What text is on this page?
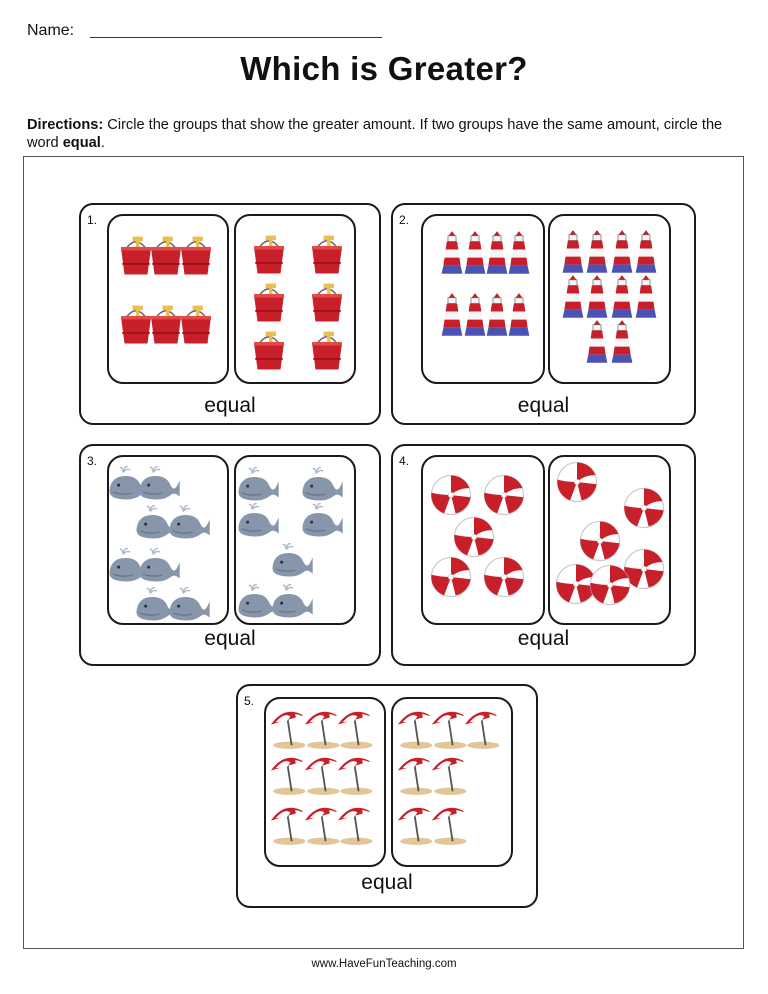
Name:
Which is Greater?
Directions: Circle the groups that show the greater amount. If two groups have the same amount, circle the word equal.
1.
equal
2.
equal
3.
equal
4.
equal
5.
equal
www.HaveFunTeaching.com
